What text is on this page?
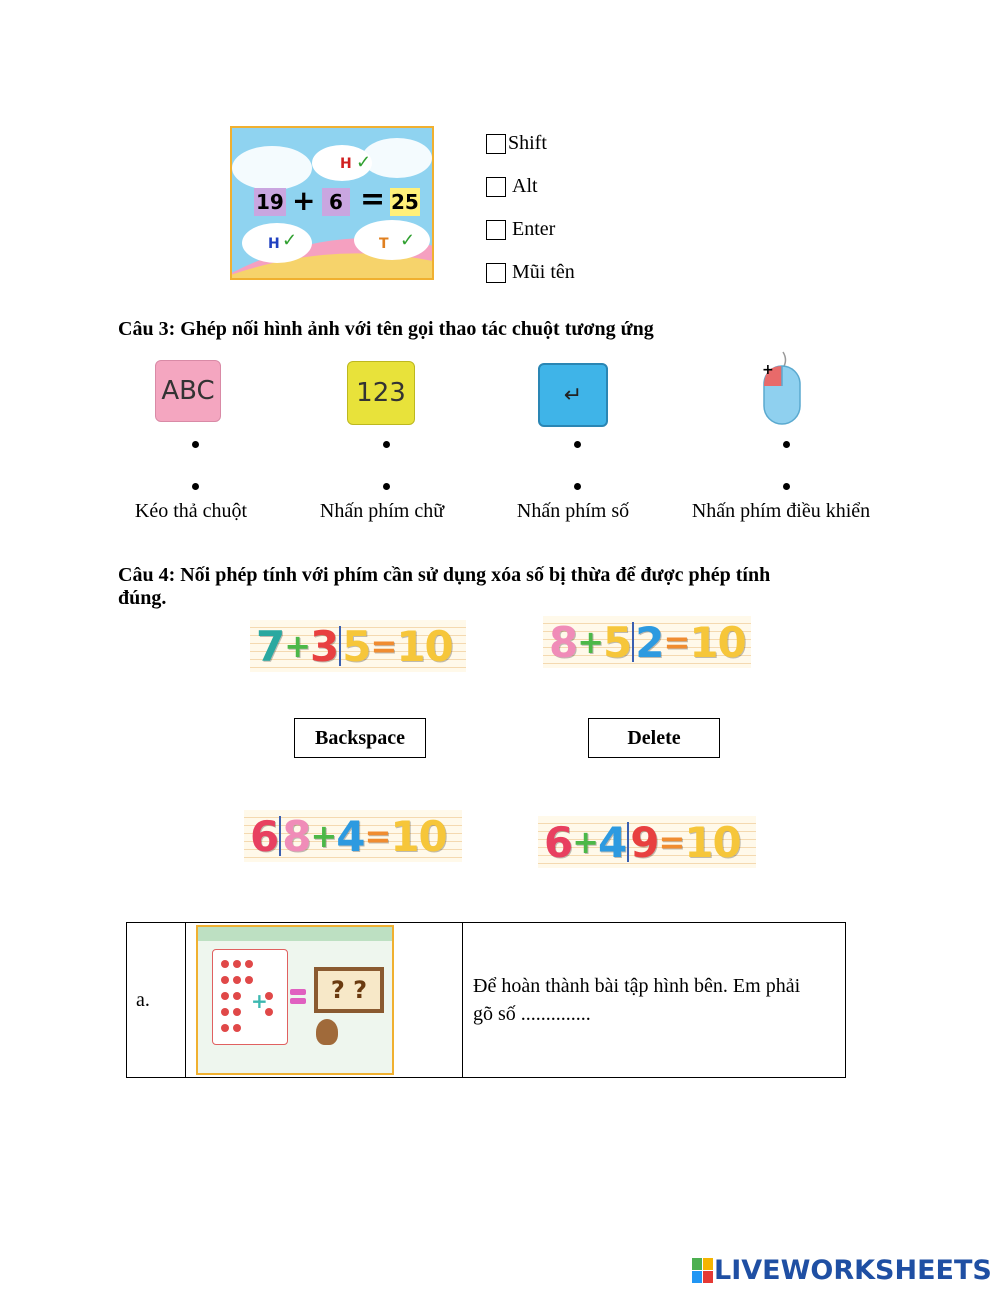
19 + 6 = 25
H ✓
H ✓	T ✓
Shift
Alt
Enter
Mũi tên
Câu 3: Ghép nối hình ảnh với tên gọi thao tác chuột tương ứng
ABC	123	↵
+
Kéo thả chuột	Nhấn phím chữ	Nhấn phím số	Nhấn phím điều khiển
Câu 4: Nối phép tính với phím cần sử dụng xóa số bị thừa để được phép tính
đúng.
7 + 3 5 = 10 8 + 5 2 = 10
Backspace	Delete
6 8 + 4 = 10 6 + 4 9 = 10
a.	+	? ?	Để hoàn thành bài tập hình bên. Em phải
gõ số ..............
LIVEWORKSHEETS
